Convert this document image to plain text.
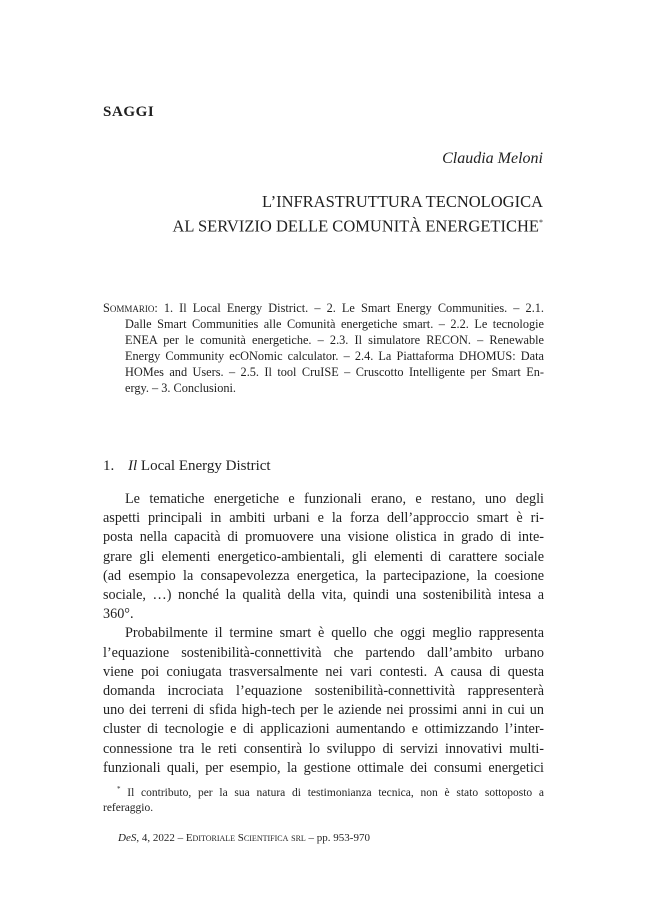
SAGGI
Claudia Meloni
L’INFRASTRUTTURA TECNOLOGICA
AL SERVIZIO DELLE COMUNITÀ ENERGETICHE*
Sommario: 1. Il Local Energy District. – 2. Le Smart Energy Communities. – 2.1.
Dalle Smart Communities alle Comunità energetiche smart. – 2.2. Le tecnologie
ENEA per le comunità energetiche. – 2.3. Il simulatore RECON. – Renewable
Energy Community ecONomic calculator. – 2.4. La Piattaforma DHOMUS: Data
HOMes and Users. – 2.5. Il tool CruISE – Cruscotto Intelligente per Smart En-
ergy. – 3. Conclusioni.
1. Il Local Energy District
Le tematiche energetiche e funzionali erano, e restano, uno degli
aspetti principali in ambiti urbani e la forza dell’approccio smart è ri-
posta nella capacità di promuovere una visione olistica in grado di inte-
grare gli elementi energetico-ambientali, gli elementi di carattere sociale
(ad esempio la consapevolezza energetica, la partecipazione, la coesione
sociale, …) nonché la qualità della vita, quindi una sostenibilità intesa a
360°.
Probabilmente il termine smart è quello che oggi meglio rappresenta
l’equazione sostenibilità-connettività che partendo dall’ambito urbano
viene poi coniugata trasversalmente nei vari contesti. A causa di questa
domanda incrociata l’equazione sostenibilità-connettività rappresenterà
uno dei terreni di sfida high-tech per le aziende nei prossimi anni in cui un
cluster di tecnologie e di applicazioni aumentando e ottimizzando l’inter-
connessione tra le reti consentirà lo sviluppo di servizi innovativi multi-
funzionali quali, per esempio, la gestione ottimale dei consumi energetici
* Il contributo, per la sua natura di testimonianza tecnica, non è stato sottoposto a
referaggio.
DeS, 4, 2022 – Editoriale Scientifica srl – pp. 953-970
